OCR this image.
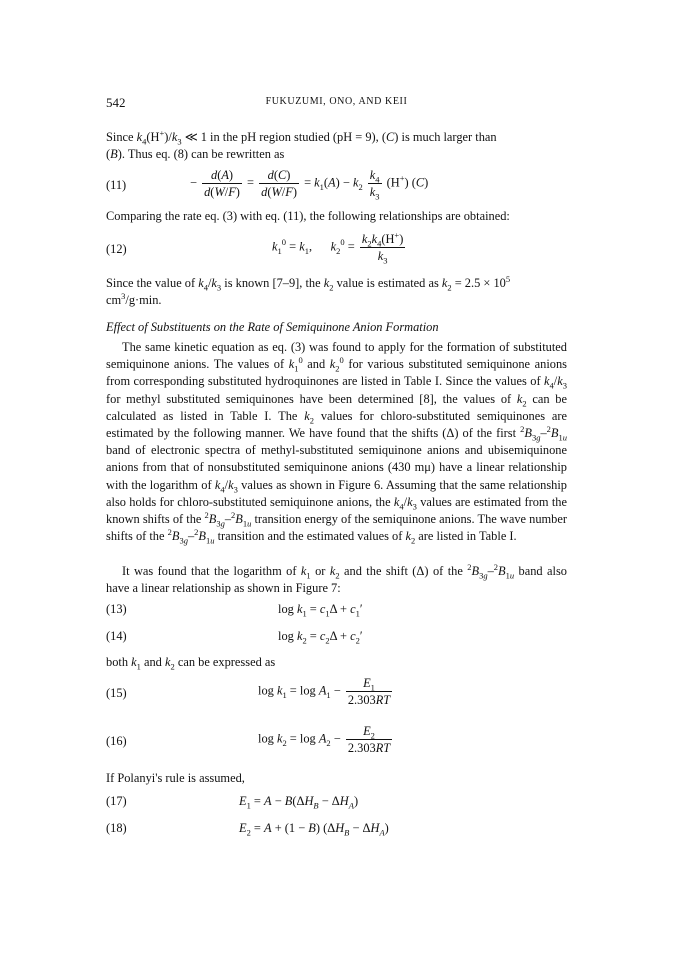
542	FUKUZUMI, ONO, AND KEII
Since $k_4(H^+)/k_3$ ≪ 1 in the pH region studied (pH = 9), (C) is much larger than
(B). Thus eq. (8) can be rewritten as
(11)	− $\frac{d(A)}{d(W/F)} = \frac{d(C)}{d(W/F)} = k_1(A) - k_2 \frac{k_4}{k_3} (H^+)$ (C)
Comparing the rate eq. (3) with eq. (11), the following relationships are obtained:
(12)	$k_1^0 = k_1$,      $k_2^0 = \frac{k_2k_4(H^+)}{k_3}$
Since the value of $k_4/k_3$ is known [7–9], the $k_2$ value is estimated as $k_2 = 2.5 \times 10^5$
$cm^3/g\cdot\min$.
Effect of Substituents on the Rate of Semiquinone Anion Formation
The same kinetic equation as eq. (3) was found to apply for the formation of substituted semiquinone anions. The values of $k_1^0$ and $k_2^0$ for various substituted semiquinone anions from corresponding substituted hydroquinones are listed in Table I. Since the values of $k_4/k_3$ for methyl substituted semiquinones have been determined [8], the values of $k_2$ can be calculated as listed in Table I. The $k_2$ values for chloro-substituted semiquinones are estimated by the following manner. We have found that the shifts (Δ) of the first $^2B_{3g}-^2B_{1u}$ band of electronic spectra of methyl-substituted semiquinone anions and ubisemiquinone anions from that of nonsubstituted semiquinone anions (430 mμ) have a linear relationship with the logarithm of $k_4/k_3$ values as shown in Figure 6. Assuming that the same relationship also holds for chloro-substituted semiquinone anions, the $k_4/k_3$ values are estimated from the known shifts of the $^2B_{3g}-^2B_{1u}$ transition energy of the semiquinone anions. The wave number shifts of the $^2B_{3g}-^2B_{1u}$ transition and the estimated values of $k_2$ are listed in Table I.
It was found that the logarithm of $k_1$ or $k_2$ and the shift (Δ) of the $^2B_{3g}-^2B_{1u}$ band also have a linear relationship as shown in Figure 7:
(13)	$\log k_1 = c_1\Delta + c_1'$
(14)	$\log k_2 = c_2\Delta + c_2'$
both $k_1$ and $k_2$ can be expressed as
(15)	$\log k_1 = \log A_1 - \frac{E_1}{2.303RT}$
(16)	$\log k_2 = \log A_2 - \frac{E_2}{2.303RT}$
If Polanyi's rule is assumed,
(17)	$E_1 = A - B(\Delta H_B - \Delta H_A)$
(18)	$E_2 = A + (1 - B) (\Delta H_B - \Delta H_A)$
